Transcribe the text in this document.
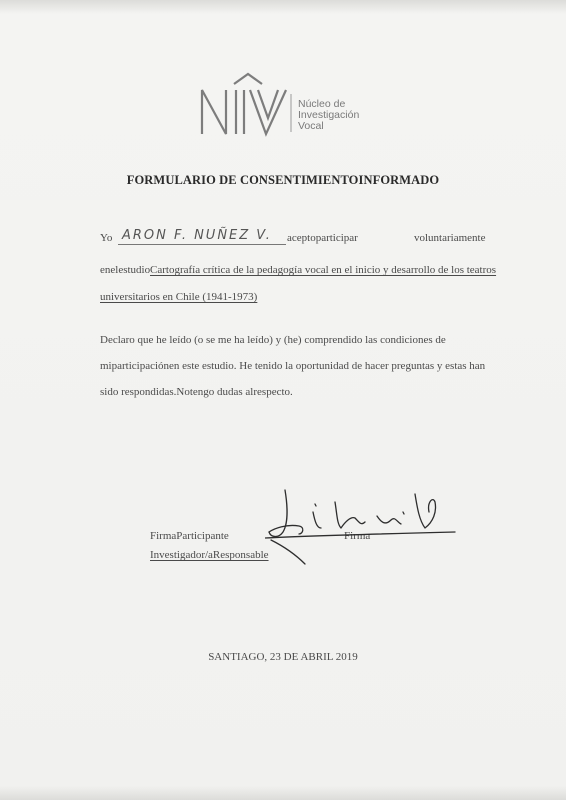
Núcleo de
Investigación
Vocal
FORMULARIO DE CONSENTIMIENTOINFORMADO
Yo ARON F. NUÑEZ V. aceptoparticipar	voluntariamente
enelestudio Cartografía crítica de la pedagogía vocal en el inicio y desarrollo de los teatros
universitarios en Chile (1941-1973)
Declaro que he leído (o se me ha leído) y (he) comprendido las condiciones de
miparticipaciónen este estudio. He tenido la oportunidad de hacer preguntas y estas han
sido respondidas.Notengo dudas alrespecto.
FirmaParticipante
Investigador/aResponsable
Firma
SANTIAGO, 23 DE ABRIL 2019
